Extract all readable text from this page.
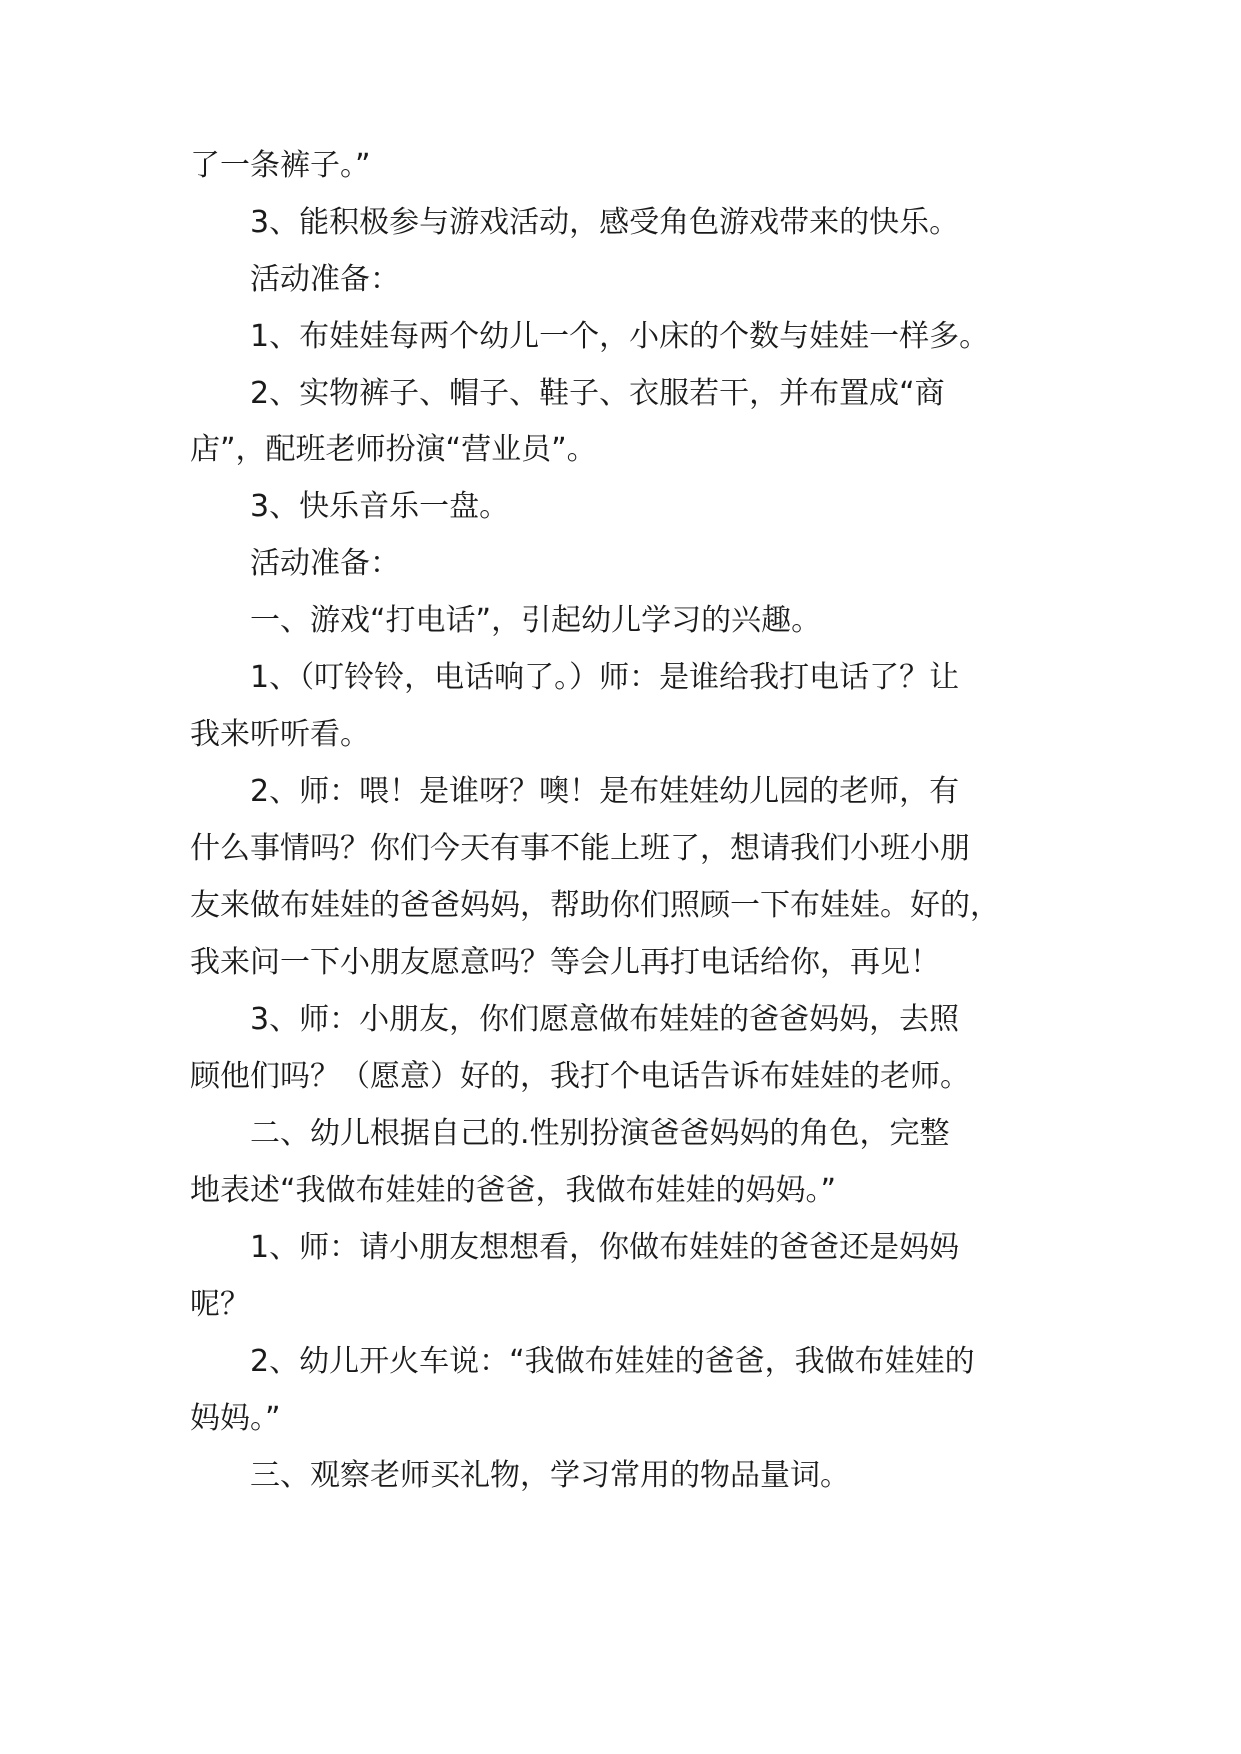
了一条裤子。”
3、能积极参与游戏活动，感受角色游戏带来的快乐。
活动准备：
1、布娃娃每两个幼儿一个，小床的个数与娃娃一样多。
2、实物裤子、帽子、鞋子、衣服若干，并布置成“商
店”，配班老师扮演“营业员”。
3、快乐音乐一盘。
活动准备：
一、游戏“打电话”，引起幼儿学习的兴趣。
1、（叮铃铃，电话响了。）师：是谁给我打电话了？让
我来听听看。
2、师：喂！是谁呀？噢！是布娃娃幼儿园的老师，有
什么事情吗？你们今天有事不能上班了，想请我们小班小朋
友来做布娃娃的爸爸妈妈，帮助你们照顾一下布娃娃。好的，
我来问一下小朋友愿意吗？等会儿再打电话给你，再见！
3、师：小朋友，你们愿意做布娃娃的爸爸妈妈，去照
顾他们吗？（愿意）好的，我打个电话告诉布娃娃的老师。
二、幼儿根据自己的.性别扮演爸爸妈妈的角色，完整
地表述“我做布娃娃的爸爸，我做布娃娃的妈妈。”
1、师：请小朋友想想看，你做布娃娃的爸爸还是妈妈
呢？
2、幼儿开火车说：“我做布娃娃的爸爸，我做布娃娃的
妈妈。”
三、观察老师买礼物，学习常用的物品量词。
